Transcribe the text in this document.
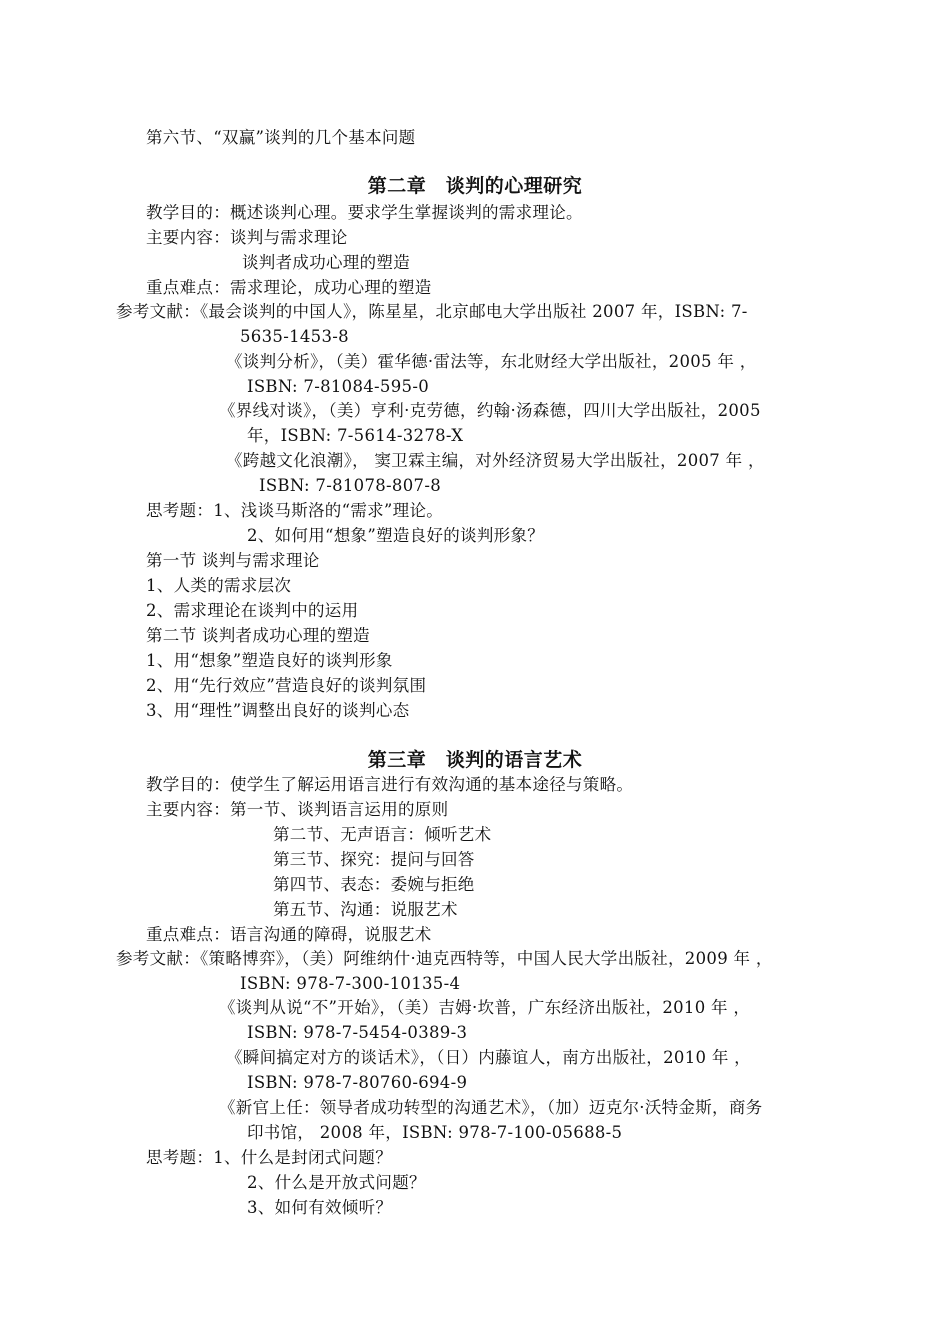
第六节、“双赢”谈判的几个基本问题
第二章　谈判的心理研究
教学目的：概述谈判心理。要求学生掌握谈判的需求理论。
主要内容：谈判与需求理论
谈判者成功心理的塑造
重点难点：需求理论，成功心理的塑造
参考文献：《最会谈判的中国人》，陈星星，北京邮电大学出版社 2007 年，ISBN: 7-
5635-1453-8
《谈判分析》，（美）霍华德·雷法等，东北财经大学出版社，2005 年 ，
ISBN: 7-81084-595-0
《界线对谈》，（美）亨利·克劳德，约翰·汤森德，四川大学出版社，2005
年，ISBN: 7-5614-3278-X
《跨越文化浪潮》， 窦卫霖主编，对外经济贸易大学出版社，2007 年 ，
ISBN: 7-81078-807-8
思考题：1、浅谈马斯洛的“需求”理论。
2、如何用“想象”塑造良好的谈判形象？
第一节 谈判与需求理论
1、人类的需求层次
2、需求理论在谈判中的运用
第二节 谈判者成功心理的塑造
1、用“想象”塑造良好的谈判形象
2、用“先行效应”营造良好的谈判氛围
3、用“理性”调整出良好的谈判心态
第三章　谈判的语言艺术
教学目的：使学生了解运用语言进行有效沟通的基本途径与策略。
主要内容：第一节、谈判语言运用的原则
第二节、无声语言：倾听艺术
第三节、探究：提问与回答
第四节、表态：委婉与拒绝
第五节、沟通：说服艺术
重点难点：语言沟通的障碍，说服艺术
参考文献：《策略博弈》，（美）阿维纳什·迪克西特等，中国人民大学出版社，2009 年 ，
ISBN: 978-7-300-10135-4
《谈判从说“不”开始》，（美）吉姆·坎普，广东经济出版社，2010 年 ，
ISBN: 978-7-5454-0389-3
《瞬间搞定对方的谈话术》，（日）内藤谊人，南方出版社，2010 年 ，
ISBN: 978-7-80760-694-9
《新官上任：领导者成功转型的沟通艺术》，（加）迈克尔·沃特金斯，商务
印书馆， 2008 年，ISBN: 978-7-100-05688-5
思考题：1、什么是封闭式问题？
2、什么是开放式问题？
3、如何有效倾听？
